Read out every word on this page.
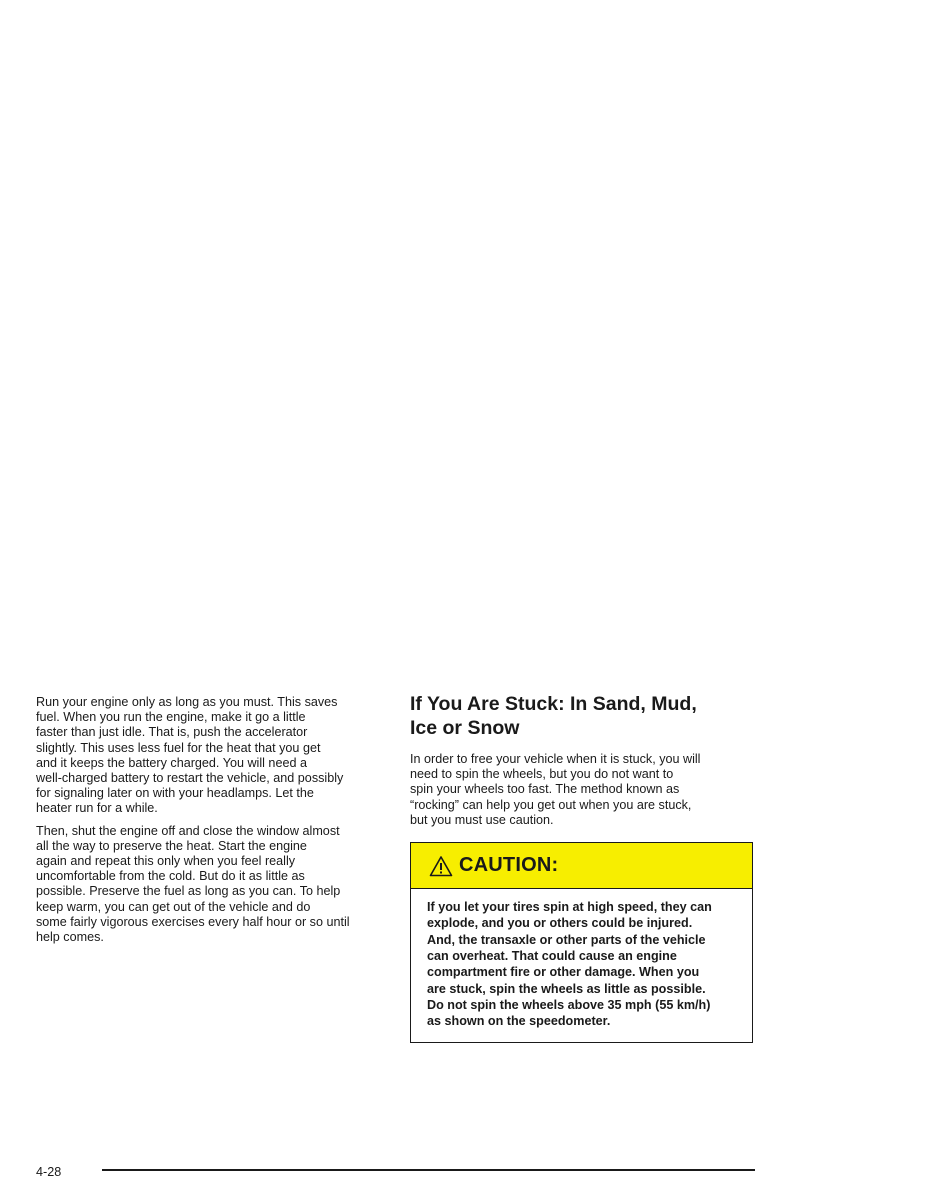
Run your engine only as long as you must. This saves
fuel. When you run the engine, make it go a little
faster than just idle. That is, push the accelerator
slightly. This uses less fuel for the heat that you get
and it keeps the battery charged. You will need a
well-charged battery to restart the vehicle, and possibly
for signaling later on with your headlamps. Let the
heater run for a while.

Then, shut the engine off and close the window almost
all the way to preserve the heat. Start the engine
again and repeat this only when you feel really
uncomfortable from the cold. But do it as little as
possible. Preserve the fuel as long as you can. To help
keep warm, you can get out of the vehicle and do
some fairly vigorous exercises every half hour or so until
help comes.

If You Are Stuck: In Sand, Mud,
Ice or Snow

In order to free your vehicle when it is stuck, you will
need to spin the wheels, but you do not want to
spin your wheels too fast. The method known as
“rocking” can help you get out when you are stuck,
but you must use caution.

CAUTION:
If you let your tires spin at high speed, they can
explode, and you or others could be injured.
And, the transaxle or other parts of the vehicle
can overheat. That could cause an engine
compartment fire or other damage. When you
are stuck, spin the wheels as little as possible.
Do not spin the wheels above 35 mph (55 km/h)
as shown on the speedometer.
4-28
